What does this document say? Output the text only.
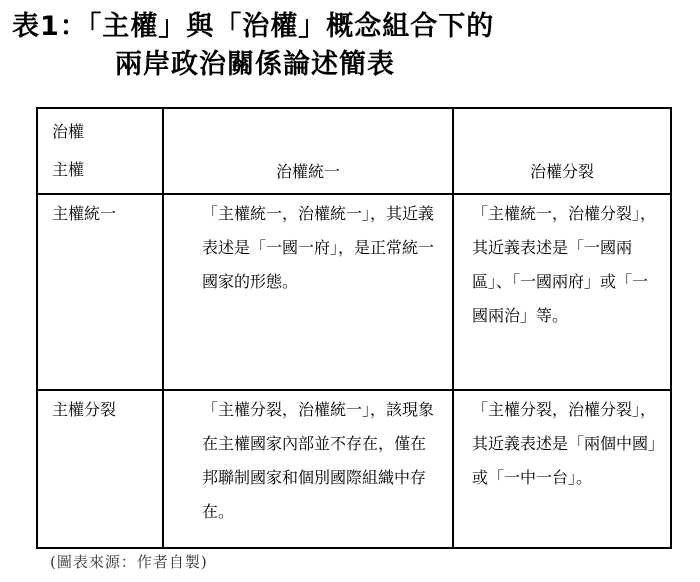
表1：「主權」與「治權」概念組合下的
兩岸政治關係論述簡表
治權
主權	治權統一	治權分裂

主權統一	「主權統一，治權統一」，其近義表述是「一國一府」，是正常統一國家的形態。	「主權統一，治權分裂」，其近義表述是「一國兩區」、「一國兩府」或「一國兩治」等。

主權分裂	「主權分裂，治權統一」，該現象在主權國家內部並不存在，僅在邦聯制國家和個別國際組織中存在。	「主權分裂，治權分裂」，其近義表述是「兩個中國」或「一中一台」。
(圖表來源：作者自製)
